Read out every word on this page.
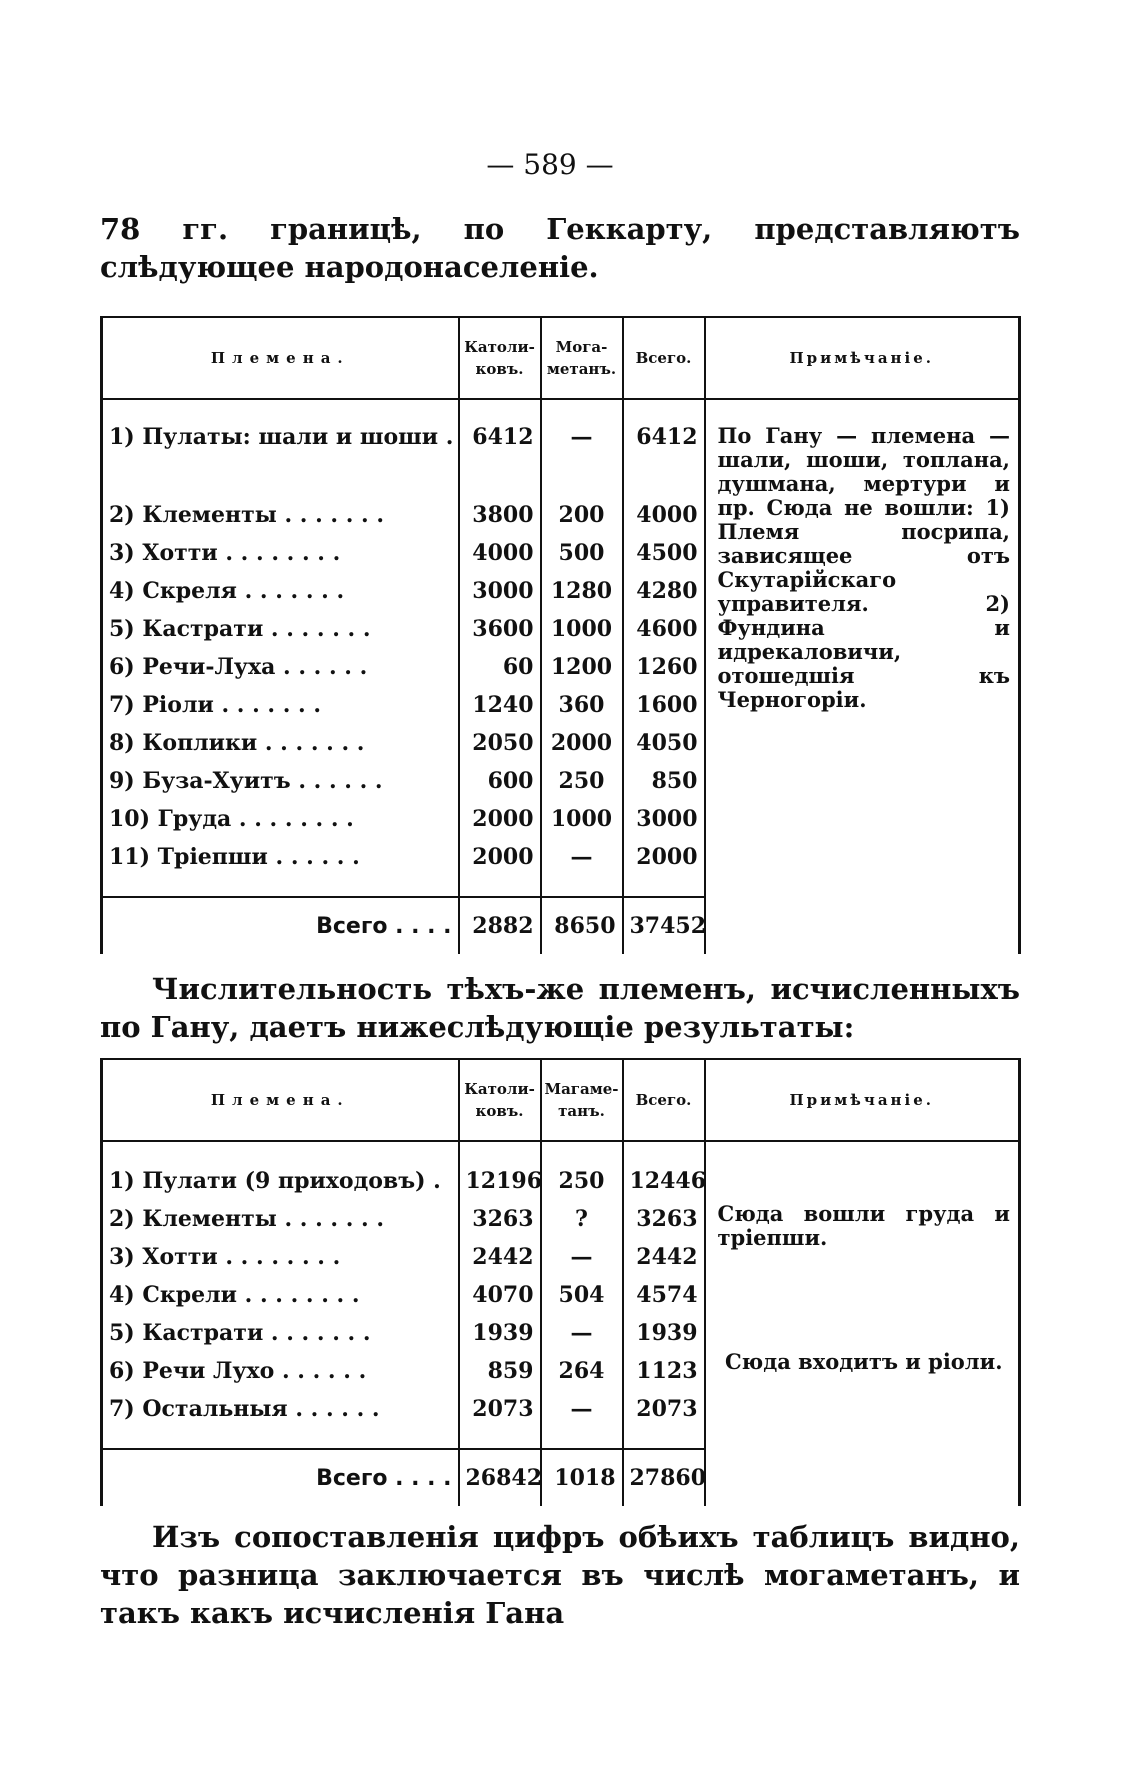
— 589 —
78 гг. границѣ, по Геккарту, представляютъ слѣдующее народонаселеніе.
Племена.	Католи-ковъ.	Мога-метанъ.	Всего.	Примѣчаніе.

				По Гану — племена — шали, шоши, топлана, душмана, мертури и пр. Сюда не вошли: 1) Племя посрипа, зависящее отъ Скутарійскаго управителя. 2) Фундина и идрекаловичи, отошедшія къ Черногоріи.

1) Пулаты: шали и шоши .	6412	—	6412	
2) Клементы . . . . . . .	3800	200	4000	
3) Хотти . . . . . . . .	4000	500	4500	
4) Скреля . . . . . . .	3000	1280	4280	
5) Кастрати . . . . . . .	3600	1000	4600	
6) Речи-Луха . . . . . .	60	1200	1260	
7) Ріоли . . . . . . .	1240	360	1600	
8) Коплики . . . . . . .	2050	2000	4050	
9) Буза-Хуитъ . . . . . .	600	250	850	
10) Груда . . . . . . . .	2000	1000	3000	
11) Тріепши . . . . . .	2000	—	2000	

Всего . . . .	2882	8650	37452	
Числительность тѣхъ-же племенъ, исчисленныхъ по Гану, даетъ нижеслѣдующіе результаты:
Племена.	Католи-ковъ.	Магаме-танъ.	Всего.	Примѣчаніе.

				Сюда вошли груда и тріепши.
Сюда входитъ и ріоли.

1) Пулати (9 приходовъ) .	12196	250	12446	
2) Клементы . . . . . . .	3263	?	3263	
3) Хотти . . . . . . . .	2442	—	2442	
4) Скрели . . . . . . . .	4070	504	4574	
5) Кастрати . . . . . . .	1939	—	1939	
6) Речи Лухо . . . . . .	859	264	1123	
7) Остальныя . . . . . .	2073	—	2073	

Всего . . . .	26842	1018	27860	
Изъ сопоставленія цифръ обѣихъ таблицъ видно, что разница заключается въ числѣ могаметанъ, и такъ какъ исчисленія Гана
